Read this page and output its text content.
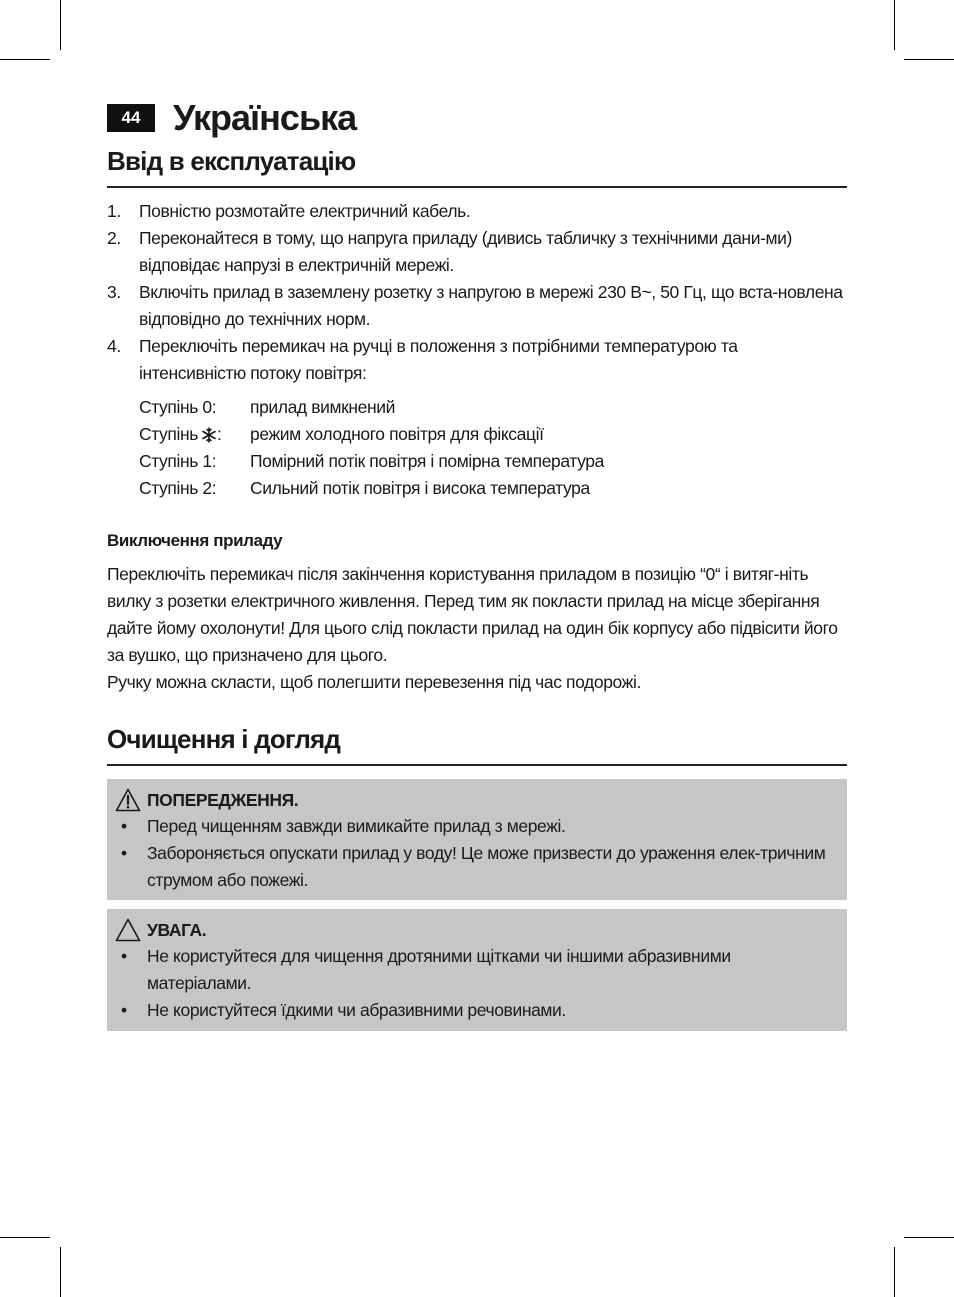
44 Українська
Ввід в експлуатацію
1.	Повністю розмотайте електричний кабель.
2.	Переконайтеся в тому, що напруга приладу (дивись табличку з технічними дани-ми) відповідає напрузі в електричній мережі.
3.	Включіть прилад в заземлену розетку з напругою в мережі 230 В~, 50 Гц, що вста-новлена відповідно до технічних норм.
4.	Переключіть перемикач на ручці в положення з потрібними температурою та інтенсивністю потоку повітря:
Ступінь 0:	прилад вимкнений
Ступінь : режим холодного повітря для фіксації
Ступінь 1:	Помірний потік повітря і помірна температура
Ступінь 2:	Сильний потік повітря і висока температура
Виключення приладу

Переключіть перемикач після закінчення користування приладом в позицію “0“ і витяг-ніть вилку з розетки електричного живлення. Перед тим як покласти прилад на місце зберігання дайте йому охолонути! Для цього слід покласти прилад на один бік корпусу або підвісити його за вушко, що призначено для цього.

Ручку можна скласти, щоб полегшити перевезення під час подорожі.

Очищення і догляд
ПОПЕРЕДЖЕННЯ.
•	Перед чищенням завжди вимикайте прилад з мережі.
•	Забороняється опускати прилад у воду! Це може призвести до ураження елек-тричним струмом або пожежі.
УВАГА.
•	Не користуйтеся для чищення дротяними щітками чи іншими абразивними матеріалами.
•	Не користуйтеся їдкими чи абразивними речовинами.
